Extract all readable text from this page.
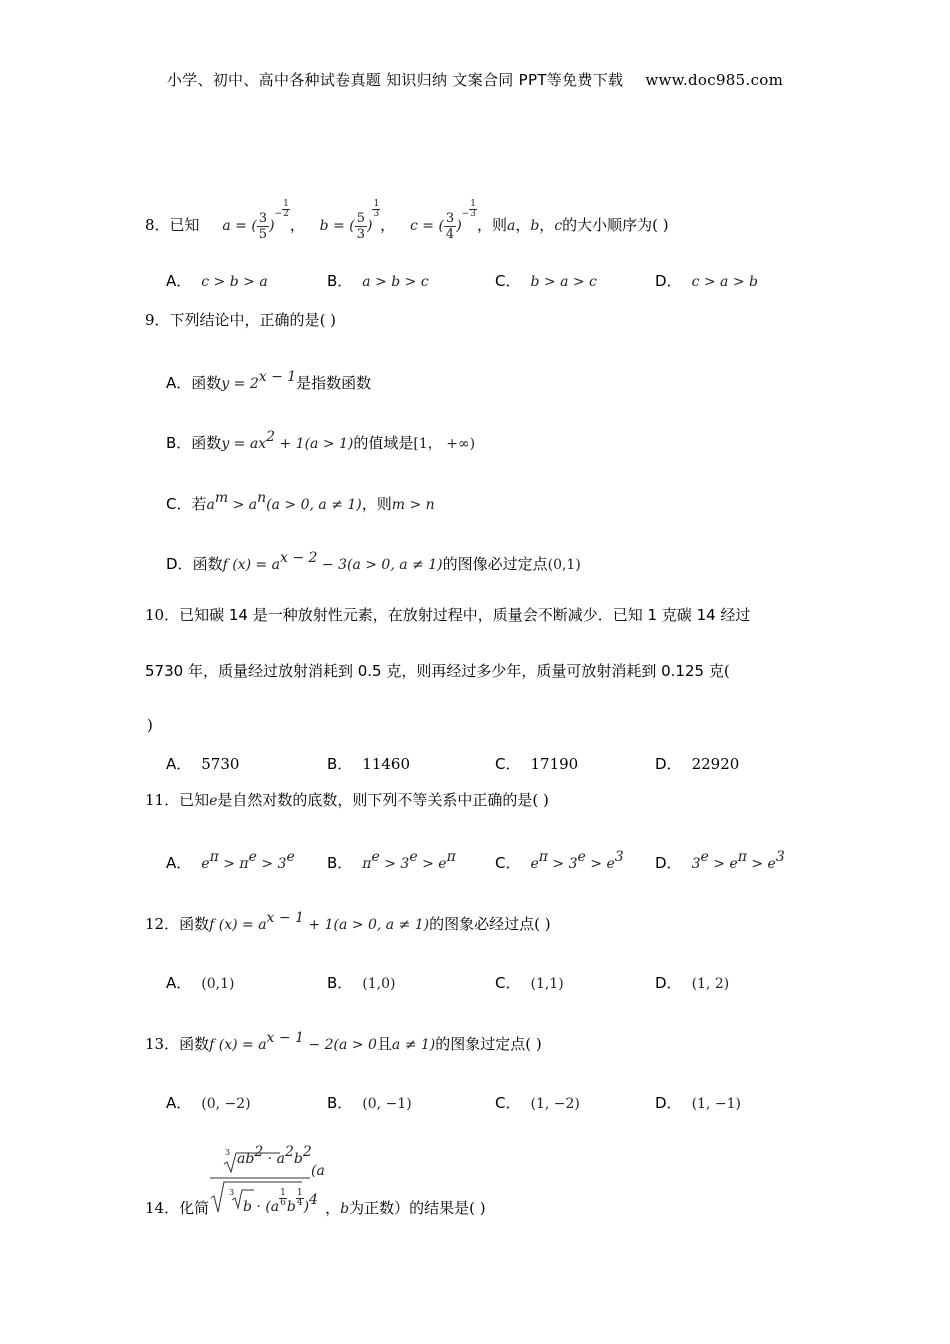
小学、初中、高中各种试卷真题 知识归纳 文案合同 PPT等免费下载 www.doc985.com
8．已知 a = ( $\frac{3}{5}$ )− $\frac{1}{2}$， b = ( $\frac{5}{3}$ )
$\frac{1}{3}$， c = ( $\frac{3}{4}$ )− $\frac{1}{3}$，则a，b，c的大小顺序为( )
A． c > b > a	B． a > b > c	C． b > a > c	D． c > a > b
9．下列结论中，正确的是( )
A．函数$y = 2^{x - 1}$是指数函数
B．函数$y = ax^2 + 1(a > 1)$的值域是[1， +∞)
C．若$a^m > a^n(a > 0$, a ≠ 1)，则m > n
D．函数f $(x) = a^{x - 2} - 3(a > 0$, a ≠ 1)的图像必过定点(0,1)
10．已知碳 14 是一种放射性元素，在放射过程中，质量会不断减少．已知 1 克碳 14 经过
5730 年，质量经过放射消耗到 0.5 克，则再经过多少年，质量可放射消耗到 0.125 克(
)
A． 5730	B． 11460	C． 17190	D． 22920
11．已知e是自然对数的底数，则下列不等关系中正确的是( )
A． $e^\pi > \pi^e > 3^e$ B． $\pi^e > 3^e > e^\pi$	C． $e^\pi > 3^e > e^3$ D． $3^e > e^\pi > e^3$
12．函数f $(x) = a^{x - 1} + 1(a > 0$, a ≠ 1)的图象必经过点( )
A． (0,1)	B． (1,0)	C． (1,1)	D． (1, 2)
13．函数f $(x) = a^{x - 1} - 2(a > 0$且a ≠ 1)的图象过定点( )
A． (0, −2)	B． (0, −1)	C． (1, −2)	D． (1, −1)
3 $ab^2 \cdot a^2b^2$
(a
3
b · (a $^{\frac{1}{6}}$b $^{\frac{1}{4}}$)$^4$
14．化简	，b为正数）的结果是( )
